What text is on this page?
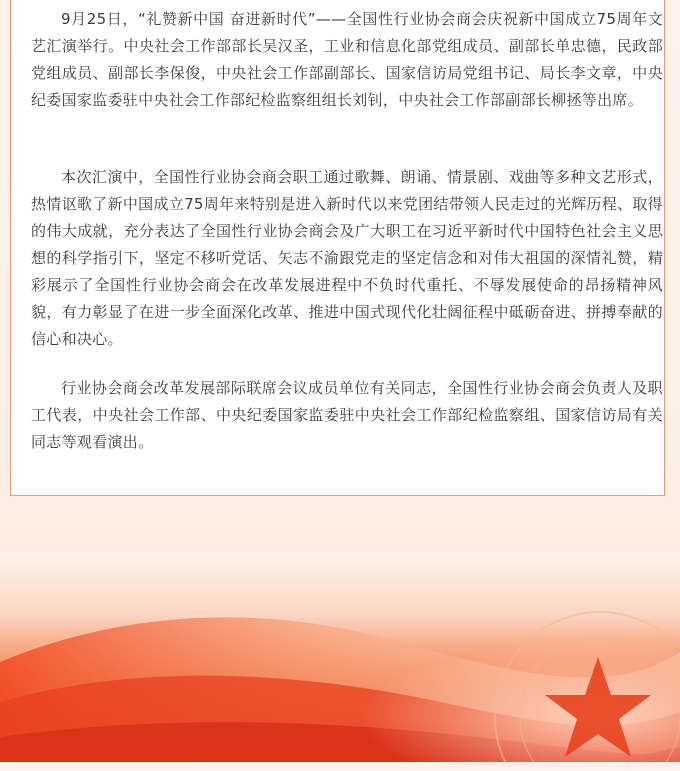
9月25日，“礼赞新中国 奋进新时代”——全国性行业协会商会庆祝新中国成立75周年文艺汇演举行。中央社会工作部部长吴汉圣，工业和信息化部党组成员、副部长单忠德，民政部党组成员、副部长李保俊，中央社会工作部副部长、国家信访局党组书记、局长李文章，中央纪委国家监委驻中央社会工作部纪检监察组组长刘钊，中央社会工作部副部长柳拯等出席。

本次汇演中，全国性行业协会商会职工通过歌舞、朗诵、情景剧、戏曲等多种文艺形式，热情讴歌了新中国成立75周年来特别是进入新时代以来党团结带领人民走过的光辉历程、取得的伟大成就，充分表达了全国性行业协会商会及广大职工在习近平新时代中国特色社会主义思想的科学指引下，坚定不移听党话、矢志不渝跟党走的坚定信念和对伟大祖国的深情礼赞，精彩展示了全国性行业协会商会在改革发展进程中不负时代重托、不辱发展使命的昂扬精神风貌，有力彰显了在进一步全面深化改革、推进中国式现代化壮阔征程中砥砺奋进、拼搏奉献的信心和决心。

行业协会商会改革发展部际联席会议成员单位有关同志，全国性行业协会商会负责人及职工代表，中央社会工作部、中央纪委国家监委驻中央社会工作部纪检监察组、国家信访局有关同志等观看演出。
